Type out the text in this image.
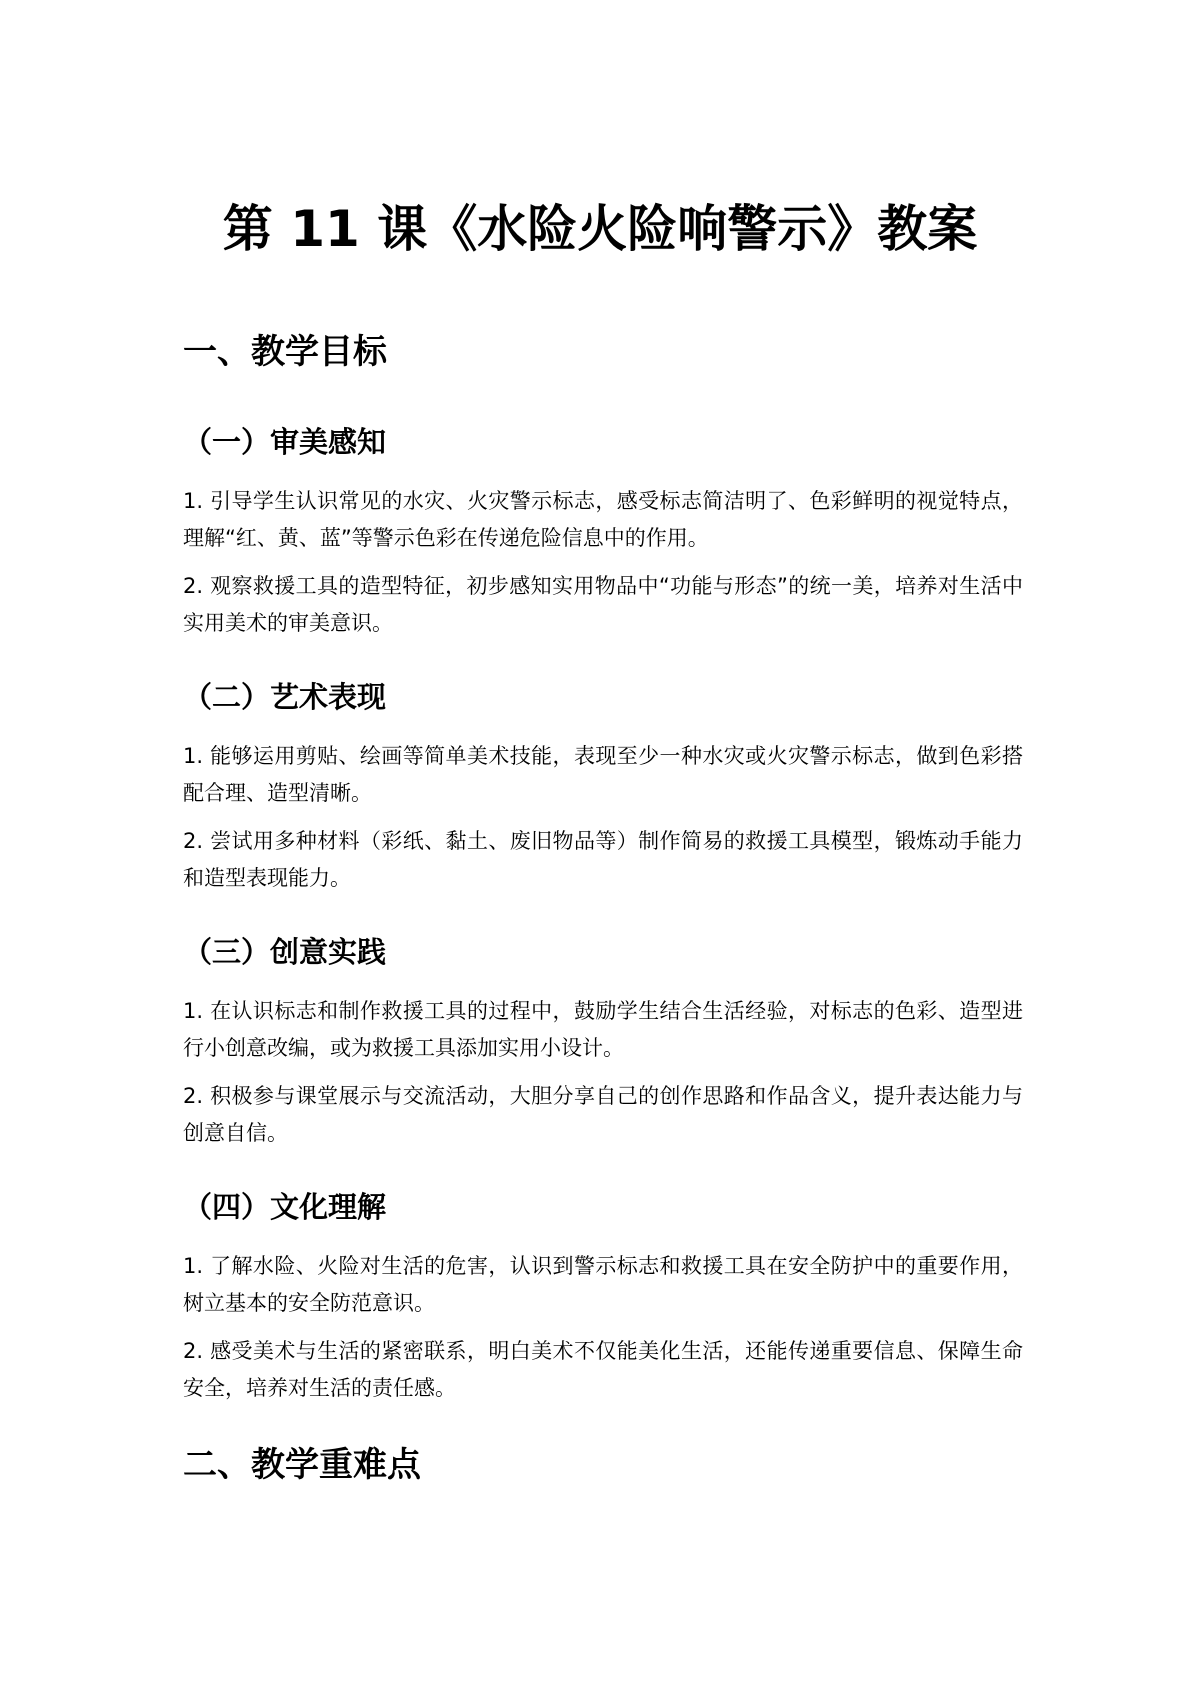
第 11 课《水险火险响警示》教案
一、教学目标
（一）审美感知

1. 引导学生认识常见的水灾、火灾警示标志，感受标志简洁明了、色彩鲜明的视觉特点，理解“红、黄、蓝”等警示色彩在传递危险信息中的作用。

2. 观察救援工具的造型特征，初步感知实用物品中“功能与形态”的统一美，培养对生活中实用美术的审美意识。

（二）艺术表现

1. 能够运用剪贴、绘画等简单美术技能，表现至少一种水灾或火灾警示标志，做到色彩搭配合理、造型清晰。

2. 尝试用多种材料（彩纸、黏土、废旧物品等）制作简易的救援工具模型，锻炼动手能力和造型表现能力。

（三）创意实践

1. 在认识标志和制作救援工具的过程中，鼓励学生结合生活经验，对标志的色彩、造型进行小创意改编，或为救援工具添加实用小设计。

2. 积极参与课堂展示与交流活动，大胆分享自己的创作思路和作品含义，提升表达能力与创意自信。

（四）文化理解

1. 了解水险、火险对生活的危害，认识到警示标志和救援工具在安全防护中的重要作用，树立基本的安全防范意识。

2. 感受美术与生活的紧密联系，明白美术不仅能美化生活，还能传递重要信息、保障生命安全，培养对生活的责任感。

二、教学重难点
